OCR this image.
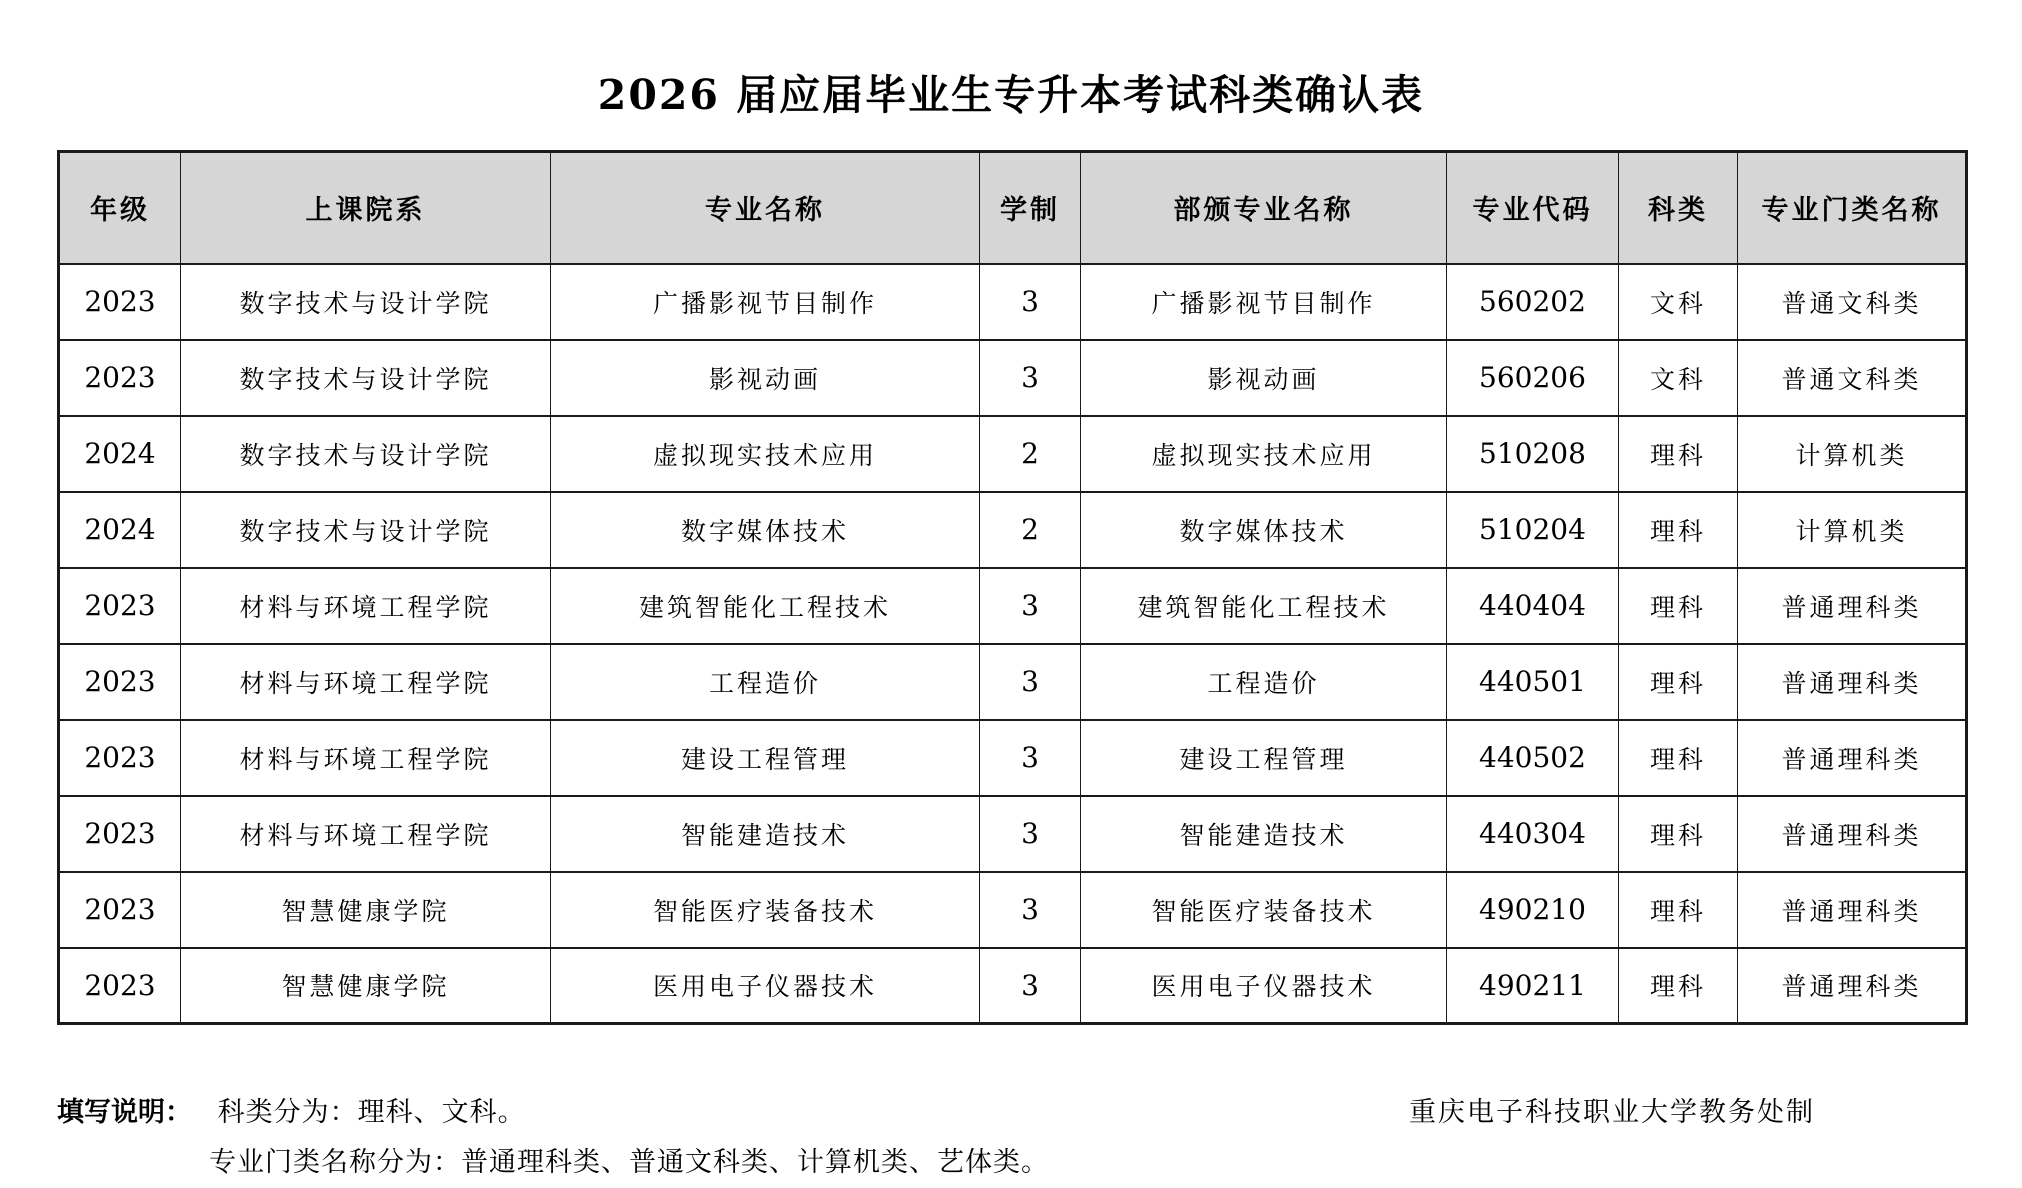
2026 届应届毕业生专升本考试科类确认表
年级	上课院系	专业名称	学制	部颁专业名称	专业代码	科类	专业门类名称
2023	数字技术与设计学院	广播影视节目制作	3	广播影视节目制作	560202	文科	普通文科类
2023	数字技术与设计学院	影视动画	3	影视动画	560206	文科	普通文科类
2024	数字技术与设计学院	虚拟现实技术应用	2	虚拟现实技术应用	510208	理科	计算机类
2024	数字技术与设计学院	数字媒体技术	2	数字媒体技术	510204	理科	计算机类
2023	材料与环境工程学院	建筑智能化工程技术	3	建筑智能化工程技术	440404	理科	普通理科类
2023	材料与环境工程学院	工程造价	3	工程造价	440501	理科	普通理科类
2023	材料与环境工程学院	建设工程管理	3	建设工程管理	440502	理科	普通理科类
2023	材料与环境工程学院	智能建造技术	3	智能建造技术	440304	理科	普通理科类
2023	智慧健康学院	智能医疗装备技术	3	智能医疗装备技术	490210	理科	普通理科类
2023	智慧健康学院	医用电子仪器技术	3	医用电子仪器技术	490211	理科	普通理科类
填写说明： 科类分为：理科、文科。	重庆电子科技职业大学教务处制
专业门类名称分为：普通理科类、普通文科类、计算机类、艺体类。
